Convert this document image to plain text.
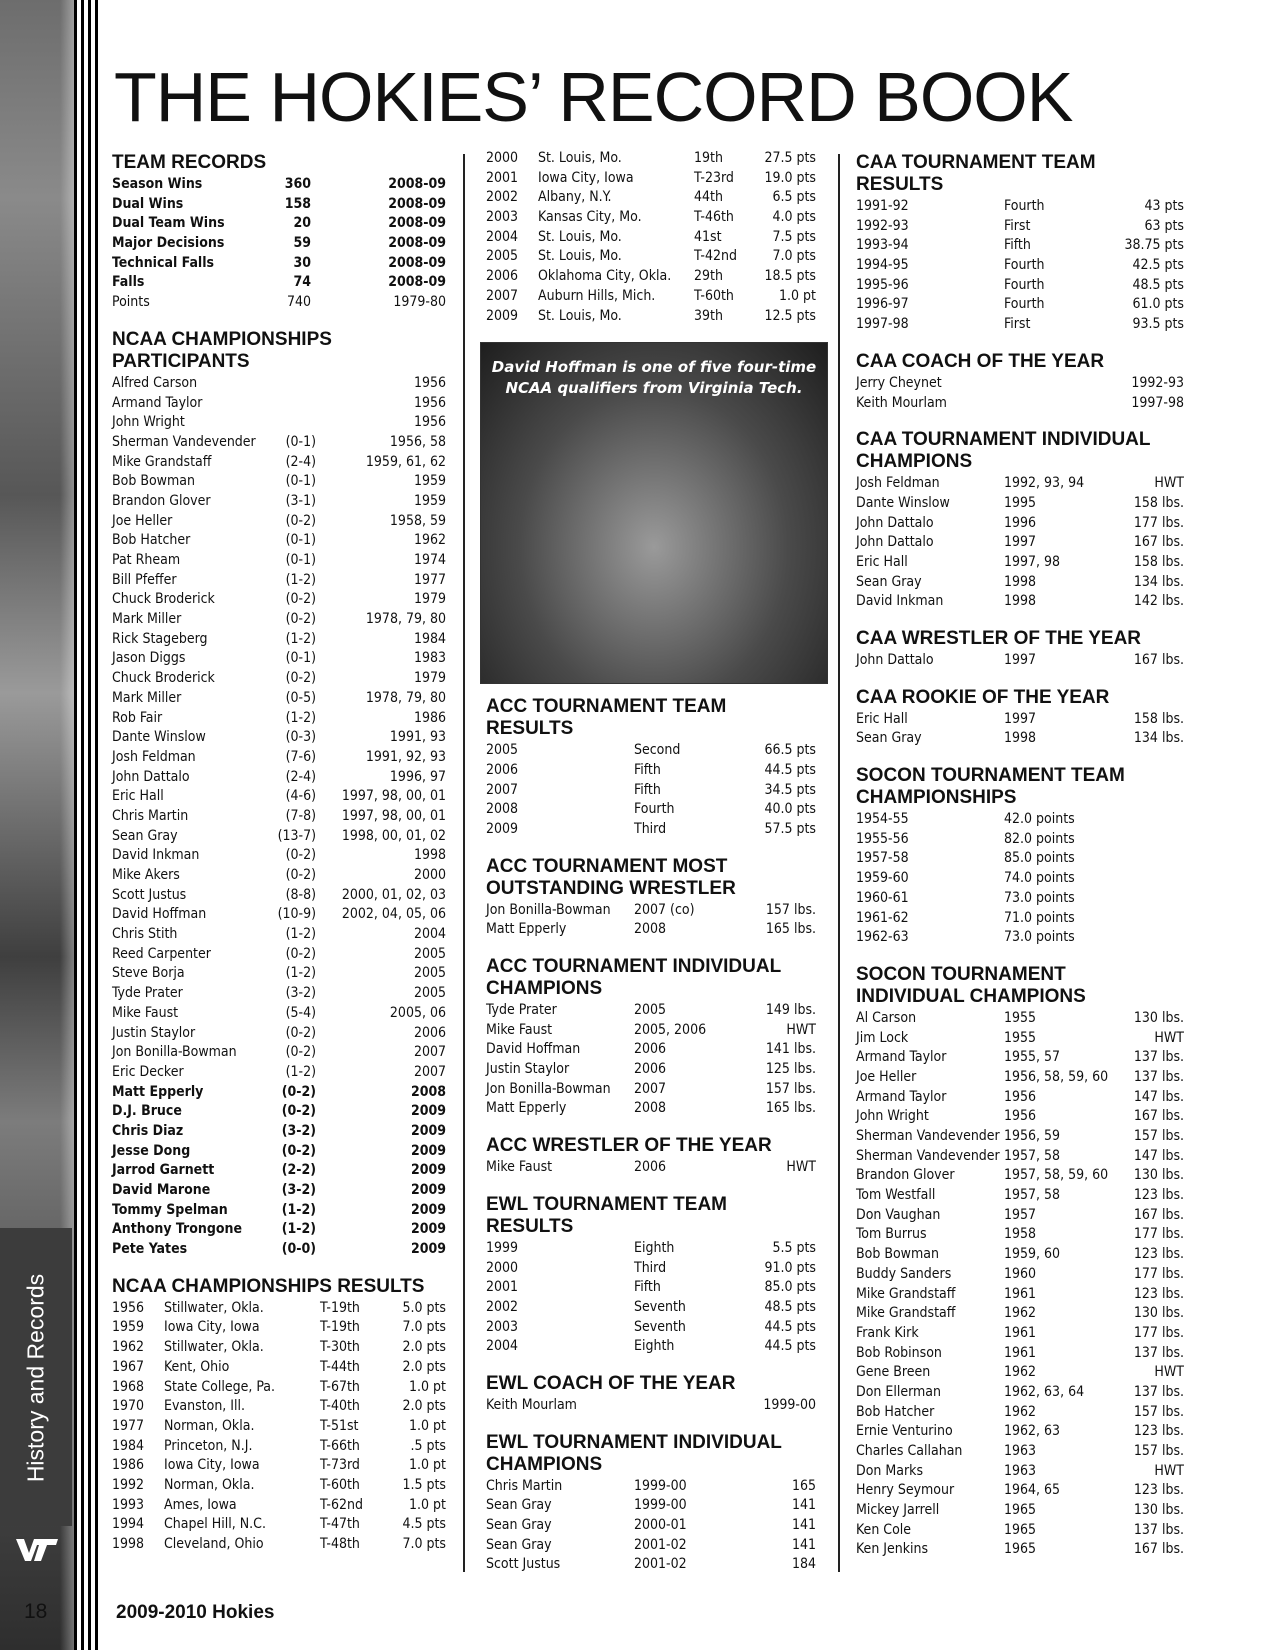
History and Records
18
THE HOKIES’ RECORD BOOK
TEAM RECORDS
Season Wins	360	2008-09
Dual Wins	158	2008-09
Dual Team Wins	20	2008-09
Major Decisions	59	2008-09
Technical Falls	30	2008-09
Falls	74	2008-09
Points	740	1979-80
NCAA CHAMPIONSHIPS
PARTICIPANTS
Alfred Carson	1956
Armand Taylor	1956
John Wright	1956
Sherman Vandevender (0-1)	1956, 58
Mike Grandstaff	(2-4)	1959, 61, 62
Bob Bowman	(0-1)	1959
Brandon Glover	(3-1)	1959
Joe Heller	(0-2)	1958, 59
Bob Hatcher	(0-1)	1962
Pat Rheam	(0-1)	1974
Bill Pfeffer	(1-2)	1977
Chuck Broderick	(0-2)	1979
Mark Miller	(0-2)	1978, 79, 80
Rick Stageberg	(1-2)	1984
Jason Diggs	(0-1)	1983
Chuck Broderick	(0-2)	1979
Mark Miller	(0-5)	1978, 79, 80
Rob Fair	(1-2)	1986
Dante Winslow	(0-3)	1991, 93
Josh Feldman	(7-6)	1991, 92, 93
John Dattalo	(2-4)	1996, 97
Eric Hall	(4-6) 1997, 98, 00, 01
Chris Martin	(7-8) 1997, 98, 00, 01
Sean Gray	(13-7) 1998, 00, 01, 02
David Inkman	(0-2)	1998
Mike Akers	(0-2)	2000
Scott Justus	(8-8) 2000, 01, 02, 03
David Hoffman	(10-9) 2002, 04, 05, 06
Chris Stith	(1-2)	2004
Reed Carpenter	(0-2)	2005
Steve Borja	(1-2)	2005
Tyde Prater	(3-2)	2005
Mike Faust	(5-4)	2005, 06
Justin Staylor	(0-2)	2006
Jon Bonilla-Bowman	(0-2)	2007
Eric Decker	(1-2)	2007
Matt Epperly	(0-2)	2008
D.J. Bruce	(0-2)	2009
Chris Diaz	(3-2)	2009
Jesse Dong	(0-2)	2009
Jarrod Garnett	(2-2)	2009
David Marone	(3-2)	2009
Tommy Spelman	(1-2)	2009
Anthony Trongone	(1-2)	2009
Pete Yates	(0-0)	2009
NCAA CHAMPIONSHIPS RESULTS
1956 Stillwater, Okla.	T-19th	5.0 pts
1959 Iowa City, Iowa	T-19th	7.0 pts
1962 Stillwater, Okla.	T-30th	2.0 pts
1967 Kent, Ohio	T-44th	2.0 pts
1968 State College, Pa.	T-67th	1.0 pt
1970 Evanston, Ill.	T-40th	2.0 pts
1977 Norman, Okla.	T-51st	1.0 pt
1984 Princeton, N.J.	T-66th	.5 pts
1986 Iowa City, Iowa	T-73rd	1.0 pt
1992 Norman, Okla.	T-60th	1.5 pts
1993 Ames, Iowa	T-62nd	1.0 pt
1994 Chapel Hill, N.C.	T-47th	4.5 pts
1998 Cleveland, Ohio	T-48th	7.0 pts
2000 St. Louis, Mo.	19th	27.5 pts
2001 Iowa City, Iowa	T-23rd 19.0 pts
2002 Albany, N.Y.	44th	6.5 pts
2003 Kansas City, Mo.	T-46th	4.0 pts
2004 St. Louis, Mo.	41st	7.5 pts
2005 St. Louis, Mo.	T-42nd	7.0 pts
2006 Oklahoma City, Okla. 29th	18.5 pts
2007 Auburn Hills, Mich.	T-60th	1.0 pt
2009 St. Louis, Mo.	39th	12.5 pts
David Hoffman is one of five four-time
NCAA qualifiers from Virginia Tech.
ACC TOURNAMENT TEAM RESULTS
2005	Second	66.5 pts
2006	Fifth	44.5 pts
2007	Fifth	34.5 pts
2008	Fourth	40.0 pts
2009	Third	57.5 pts
ACC TOURNAMENT MOST
OUTSTANDING WRESTLER
Jon Bonilla-Bowman 2007 (co)	157 lbs.
Matt Epperly	2008	165 lbs.
ACC TOURNAMENT INDIVIDUAL
CHAMPIONS
Tyde Prater	2005	149 lbs.
Mike Faust	2005, 2006	HWT
David Hoffman	2006	141 lbs.
Justin Staylor	2006	125 lbs.
Jon Bonilla-Bowman 2007	157 lbs.
Matt Epperly	2008	165 lbs.
ACC WRESTLER OF THE YEAR
Mike Faust	2006	HWT
EWL TOURNAMENT TEAM RESULTS
1999	Eighth	5.5 pts
2000	Third	91.0 pts
2001	Fifth	85.0 pts
2002	Seventh	48.5 pts
2003	Seventh	44.5 pts
2004	Eighth	44.5 pts
EWL COACH OF THE YEAR
Keith Mourlam	1999-00
EWL TOURNAMENT INDIVIDUAL
CHAMPIONS
Chris Martin	1999-00	165
Sean Gray	1999-00	141
Sean Gray	2000-01	141
Sean Gray	2001-02	141
Scott Justus	2001-02	184
CAA TOURNAMENT TEAM RESULTS
1991-92	Fourth	43 pts
1992-93	First	63 pts
1993-94	Fifth	38.75 pts
1994-95	Fourth	42.5 pts
1995-96	Fourth	48.5 pts
1996-97	Fourth	61.0 pts
1997-98	First	93.5 pts
CAA COACH OF THE YEAR
Jerry Cheynet	1992-93
Keith Mourlam	1997-98
CAA TOURNAMENT INDIVIDUAL
CHAMPIONS
Josh Feldman	1992, 93, 94	HWT
Dante Winslow	1995	158 lbs.
John Dattalo	1996	177 lbs.
John Dattalo	1997	167 lbs.
Eric Hall	1997, 98	158 lbs.
Sean Gray	1998	134 lbs.
David Inkman	1998	142 lbs.
CAA WRESTLER OF THE YEAR
John Dattalo	1997	167 lbs.
CAA ROOKIE OF THE YEAR
Eric Hall	1997	158 lbs.
Sean Gray	1998	134 lbs.
SOCON TOURNAMENT TEAM
CHAMPIONSHIPS
1954-55	42.0 points
1955-56	82.0 points
1957-58	85.0 points
1959-60	74.0 points
1960-61	73.0 points
1961-62	71.0 points
1962-63	73.0 points
SOCON TOURNAMENT
INDIVIDUAL CHAMPIONS
Al Carson	1955	130 lbs.
Jim Lock	1955	HWT
Armand Taylor	1955, 57	137 lbs.
Joe Heller	1956, 58, 59, 60 137 lbs.
Armand Taylor	1956	147 lbs.
John Wright	1956	167 lbs.
Sherman Vandevender 1956, 59	157 lbs.
Sherman Vandevender 1957, 58	147 lbs.
Brandon Glover	1957, 58, 59, 60 130 lbs.
Tom Westfall	1957, 58	123 lbs.
Don Vaughan	1957	167 lbs.
Tom Burrus	1958	177 lbs.
Bob Bowman	1959, 60	123 lbs.
Buddy Sanders	1960	177 lbs.
Mike Grandstaff	1961	123 lbs.
Mike Grandstaff	1962	130 lbs.
Frank Kirk	1961	177 lbs.
Bob Robinson	1961	137 lbs.
Gene Breen	1962	HWT
Don Ellerman	1962, 63, 64	137 lbs.
Bob Hatcher	1962	157 lbs.
Ernie Venturino	1962, 63	123 lbs.
Charles Callahan	1963	157 lbs.
Don Marks	1963	HWT
Henry Seymour	1964, 65	123 lbs.
Mickey Jarrell	1965	130 lbs.
Ken Cole	1965	137 lbs.
Ken Jenkins	1965	167 lbs.
2009-2010 Hokies
